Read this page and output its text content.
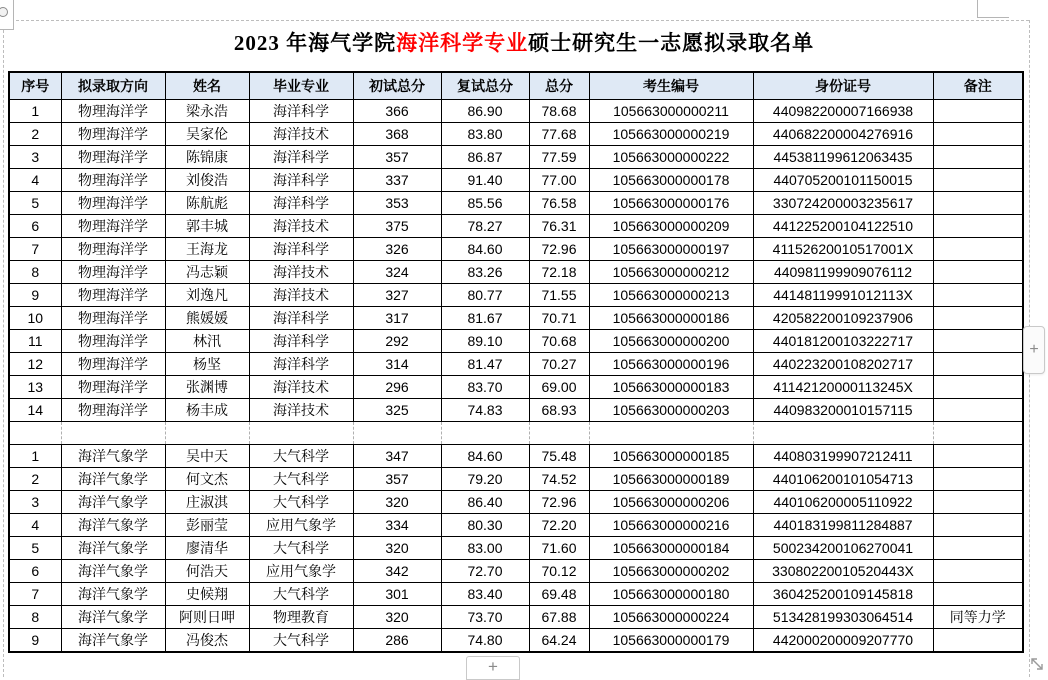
2023 年海气学院海洋科学专业硕士研究生一志愿拟录取名单
序号	拟录取方向	姓名	毕业专业	初试总分	复试总分	总分	考生编号	身份证号	备注
1	物理海洋学	梁永浩	海洋科学	366	86.90	78.68	105663000000211	440982200007166938	
2	物理海洋学	吴家伦	海洋技术	368	83.80	77.68	105663000000219	440682200004276916	
3	物理海洋学	陈锦康	海洋科学	357	86.87	77.59	105663000000222	445381199612063435	
4	物理海洋学	刘俊浩	海洋科学	337	91.40	77.00	105663000000178	440705200101150015	
5	物理海洋学	陈航彪	海洋科学	353	85.56	76.58	105663000000176	330724200003235617	
6	物理海洋学	郭丰城	海洋技术	375	78.27	76.31	105663000000209	441225200104122510	
7	物理海洋学	王海龙	海洋科学	326	84.60	72.96	105663000000197	41152620010517001X	
8	物理海洋学	冯志颖	海洋技术	324	83.26	72.18	105663000000212	440981199909076112	
9	物理海洋学	刘逸凡	海洋技术	327	80.77	71.55	105663000000213	44148119991012113X	
10	物理海洋学	熊媛媛	海洋科学	317	81.67	70.71	105663000000186	420582200109237906	
11	物理海洋学	林汛	海洋科学	292	89.10	70.68	105663000000200	440181200103222717	
12	物理海洋学	杨坚	海洋科学	314	81.47	70.27	105663000000196	440223200108202717	
13	物理海洋学	张渊博	海洋技术	296	83.70	69.00	105663000000183	41142120000113245X	
14	物理海洋学	杨丰成	海洋技术	325	74.83	68.93	105663000000203	440983200010157115	

1	海洋气象学	吴中天	大气科学	347	84.60	75.48	105663000000185	440803199907212411	
2	海洋气象学	何文杰	大气科学	357	79.20	74.52	105663000000189	440106200101054713	
3	海洋气象学	庄淑淇	大气科学	320	86.40	72.96	105663000000206	440106200005110922	
4	海洋气象学	彭丽莹	应用气象学	334	80.30	72.20	105663000000216	440183199811284887	
5	海洋气象学	廖清华	大气科学	320	83.00	71.60	105663000000184	500234200106270041	
6	海洋气象学	何浩天	应用气象学	342	72.70	70.12	105663000000202	33080220010520443X	
7	海洋气象学	史候翔	大气科学	301	83.40	69.48	105663000000180	360425200109145818	
8	海洋气象学	阿则日呷	物理教育	320	73.70	67.88	105663000000224	513428199303064514	同等力学
9	海洋气象学	冯俊杰	大气科学	286	74.80	64.24	105663000000179	442000200009207770	
+
+
